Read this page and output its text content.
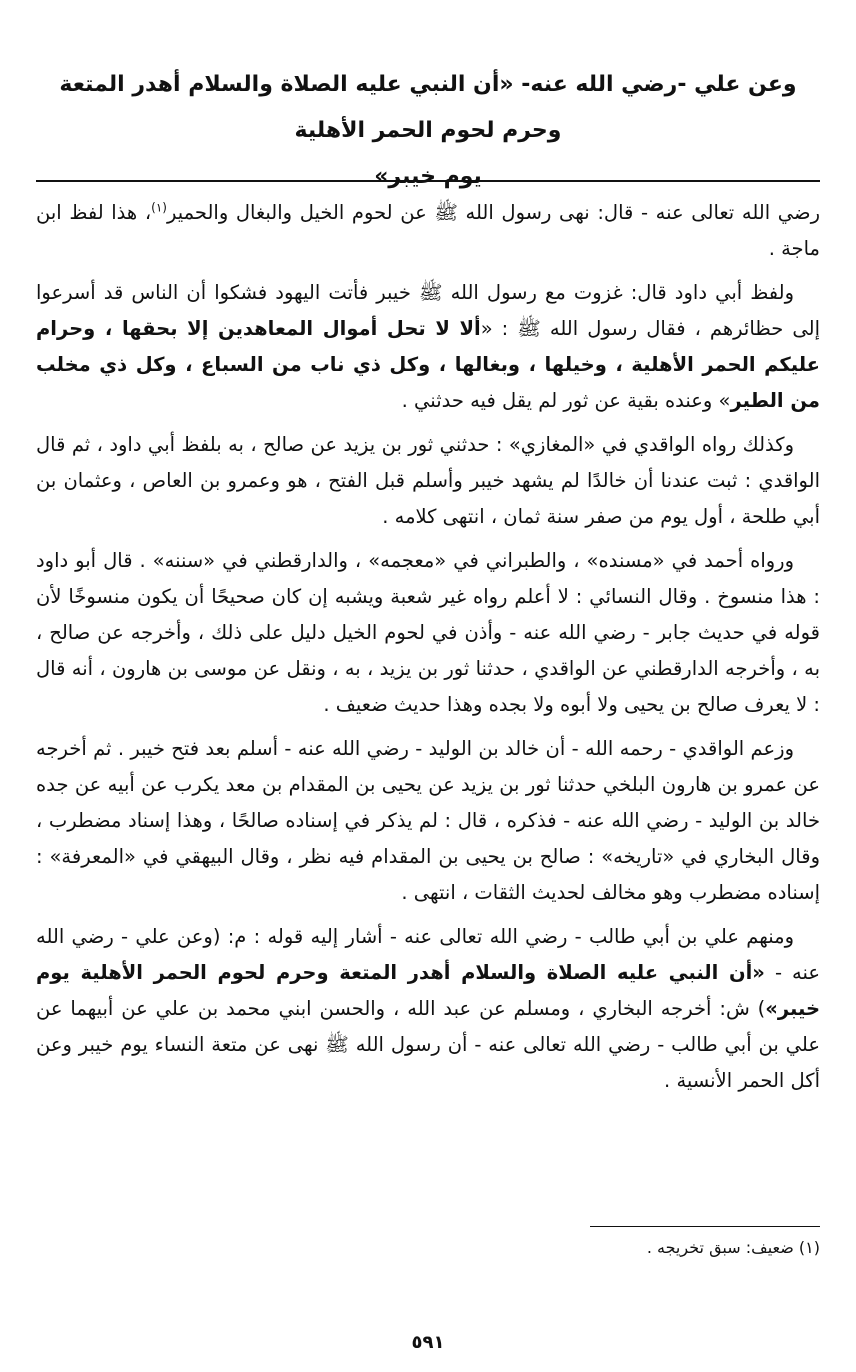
وعن علي -رضي الله عنه- «أن النبي عليه الصلاة والسلام أهدر المتعة وحرم لحوم الحمر الأهلية

يوم خيبر»

رضي الله تعالى عنه - قال: نهى رسول الله ﷺ عن لحوم الخيل والبغال والحمير$^{(١)}$، هذا لفظ ابن ماجة .

ولفظ أبي داود قال: غزوت مع رسول الله ﷺ خيبر فأتت اليهود فشكوا أن الناس قد أسرعوا إلى حظائرهم ، فقال رسول الله ﷺ : «ألا لا تحل أموال المعاهدين إلا بحقها ، وحرام عليكم الحمر الأهلية ، وخيلها ، وبغالها ، وكل ذي ناب من السباع ، وكل ذي مخلب من الطير» وعنده بقية عن ثور لم يقل فيه حدثني .

وكذلك رواه الواقدي في «المغازي» : حدثني ثور بن يزيد عن صالح ، به بلفظ أبي داود ، ثم قال الواقدي : ثبت عندنا أن خالدًا لم يشهد خيبر وأسلم قبل الفتح ، هو وعمرو بن العاص ، وعثمان بن أبي طلحة ، أول يوم من صفر سنة ثمان ، انتهى كلامه .

ورواه أحمد في «مسنده» ، والطبراني في «معجمه» ، والدارقطني في «سننه» . قال أبو داود : هذا منسوخ . وقال النسائي : لا أعلم رواه غير شعبة ويشبه إن كان صحيحًا أن يكون منسوخًا لأن قوله في حديث جابر - رضي الله عنه - وأذن في لحوم الخيل دليل على ذلك ، وأخرجه عن صالح ، به ، وأخرجه الدارقطني عن الواقدي ، حدثنا ثور بن يزيد ، به ، ونقل عن موسى بن هارون ، أنه قال : لا يعرف صالح بن يحيى ولا أبوه ولا بجده وهذا حديث ضعيف .

وزعم الواقدي - رحمه الله - أن خالد بن الوليد - رضي الله عنه - أسلم بعد فتح خيبر . ثم أخرجه عن عمرو بن هارون البلخي حدثنا ثور بن يزيد عن يحيى بن المقدام بن معد يكرب عن أبيه عن جده خالد بن الوليد - رضي الله عنه - فذكره ، قال : لم يذكر في إسناده صالحًا ، وهذا إسناد مضطرب ، وقال البخاري في «تاريخه» : صالح بن يحيى بن المقدام فيه نظر ، وقال البيهقي في «المعرفة» : إسناده مضطرب وهو مخالف لحديث الثقات ، انتهى .

ومنهم علي بن أبي طالب - رضي الله تعالى عنه - أشار إليه قوله : م: (وعن علي - رضي الله عنه - «أن النبي عليه الصلاة والسلام أهدر المتعة وحرم لحوم الحمر الأهلية يوم خيبر») ش: أخرجه البخاري ، ومسلم عن عبد الله ، والحسن ابني محمد بن علي عن أبيهما عن علي بن أبي طالب - رضي الله تعالى عنه - أن رسول الله ﷺ نهى عن متعة النساء يوم خيبر وعن أكل الحمر الأنسية .

(١) ضعيف: سبق تخريجه .
٥٩١
